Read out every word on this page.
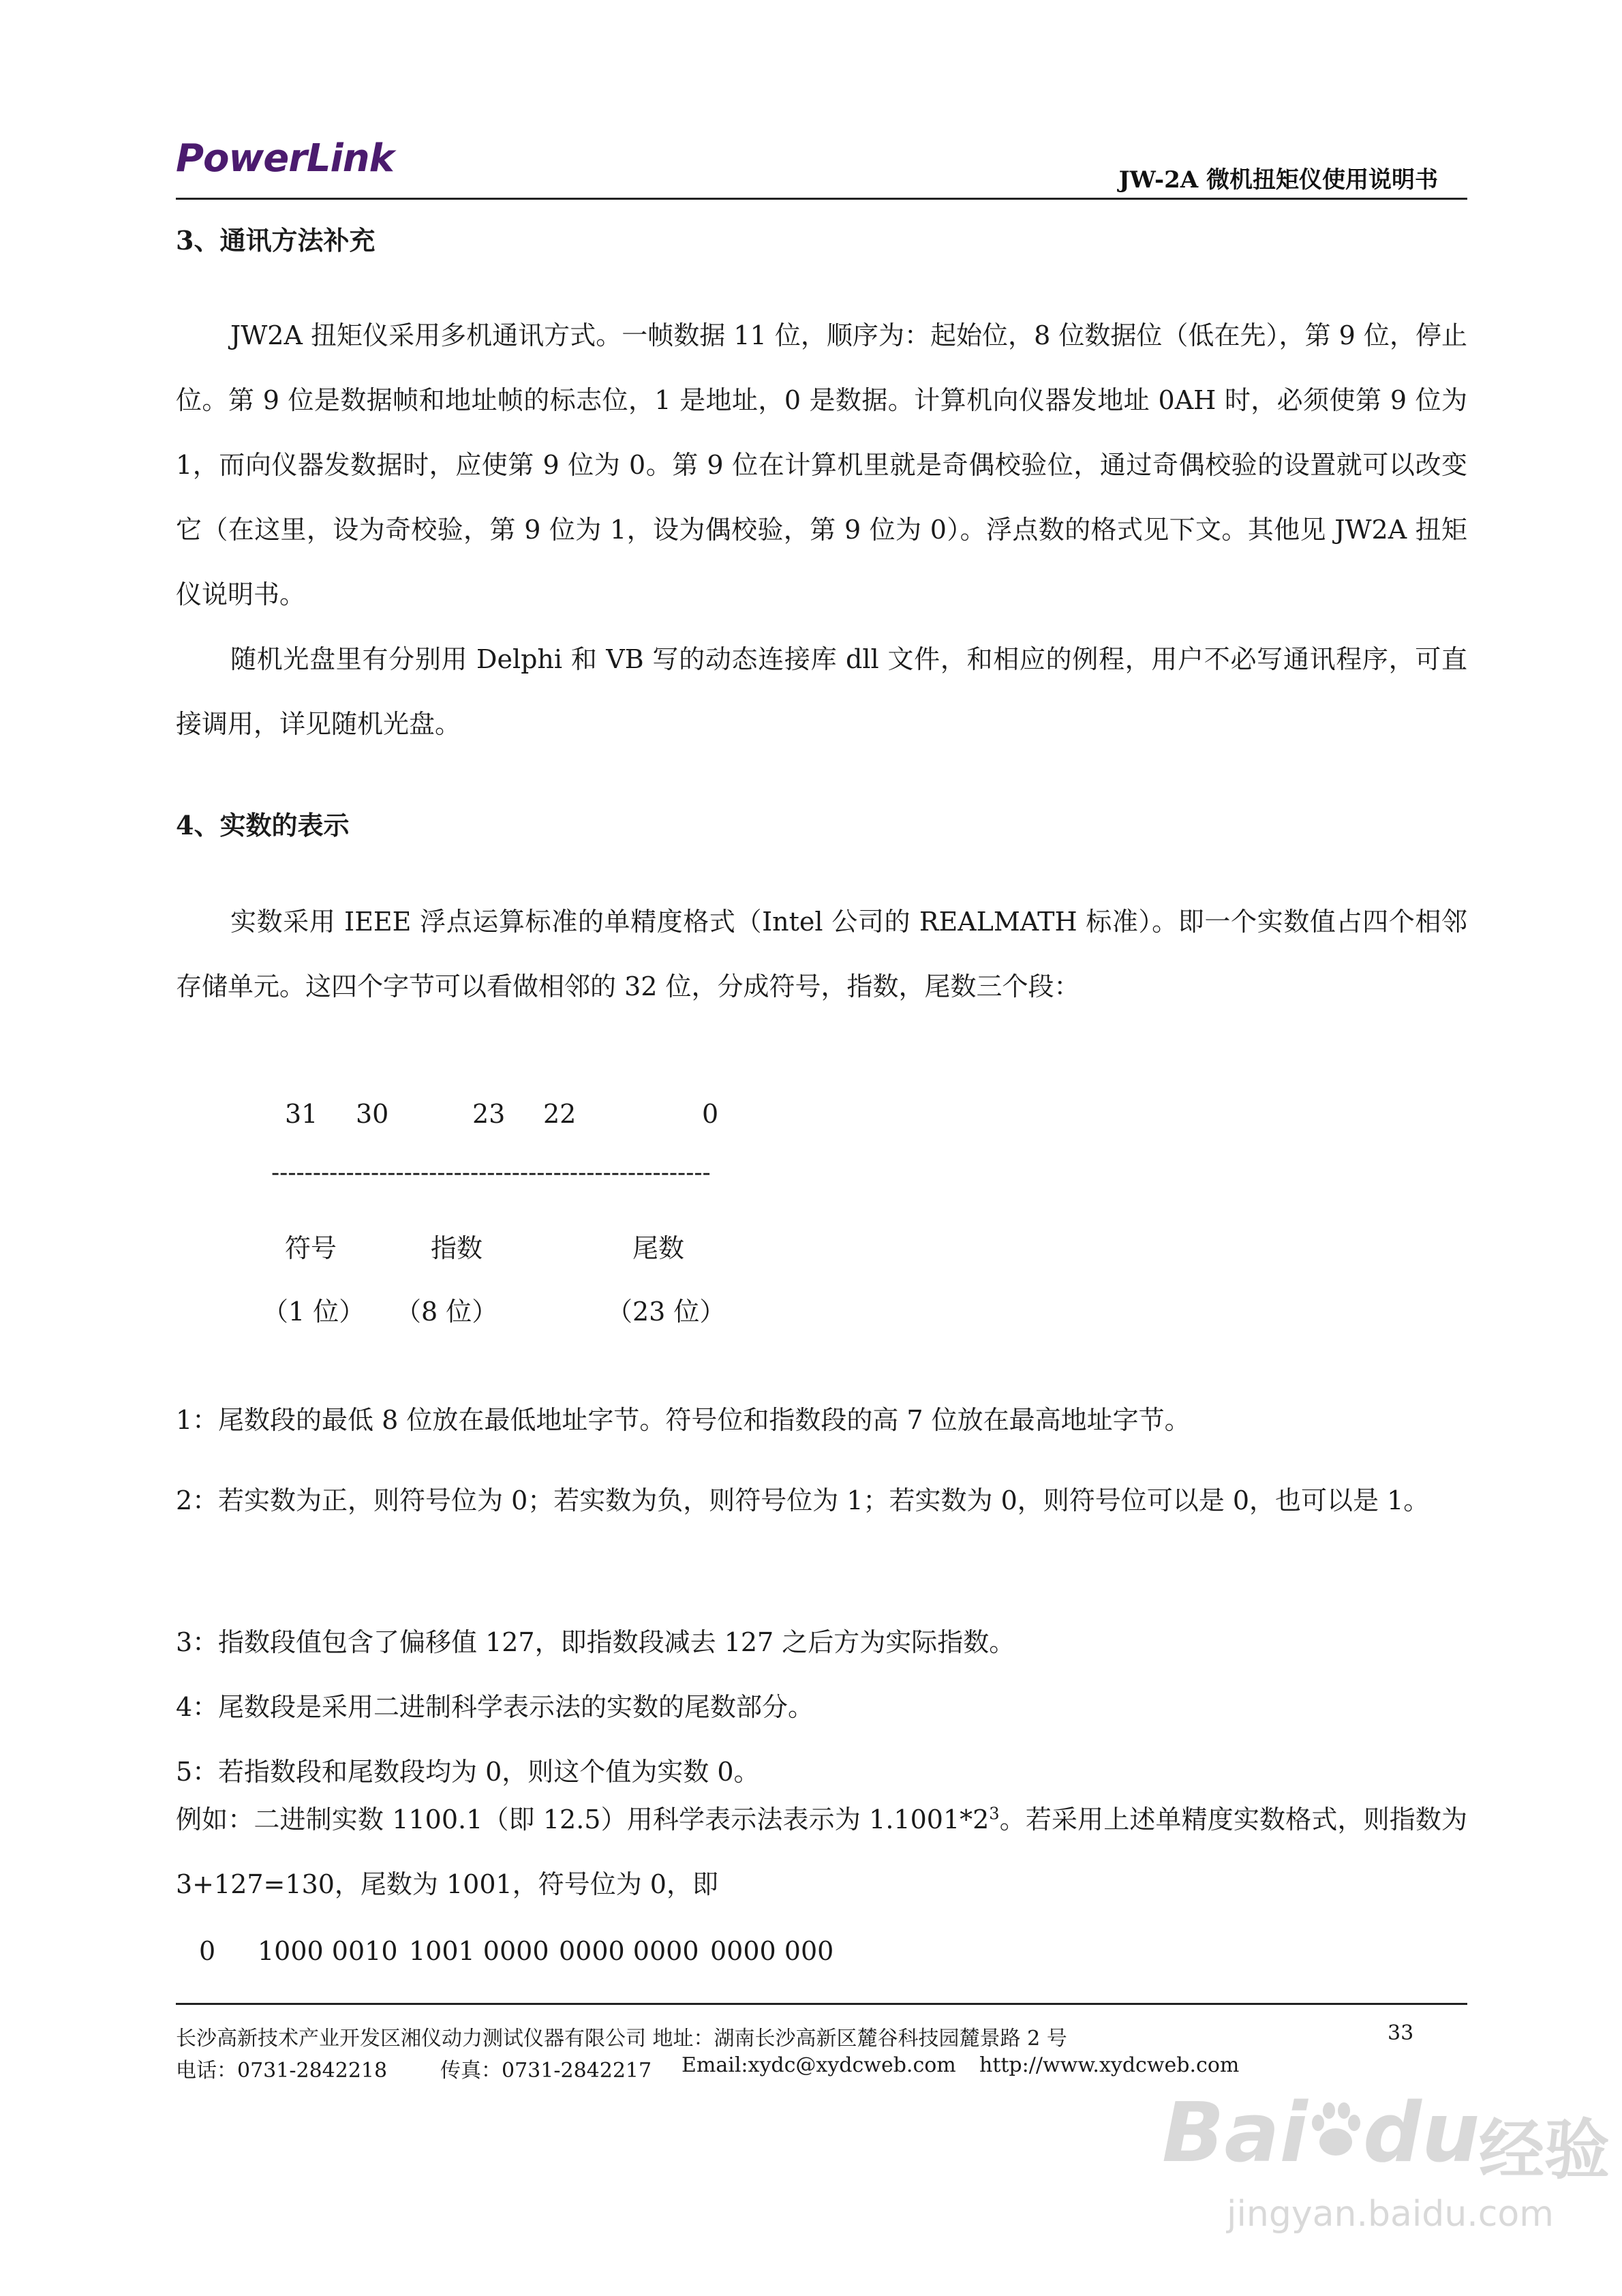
PowerLink	JW-2A 微机扭矩仪使用说明书
3、通讯方法补充

JW2A 扭矩仪采用多机通讯方式。一帧数据 11 位，顺序为：起始位，8 位数据位（低在先），第 9 位，停止位。第 9 位是数据帧和地址帧的标志位，1 是地址，0 是数据。计算机向仪器发地址 0AH 时，必须使第 9 位为 1，而向仪器发数据时，应使第 9 位为 0。第 9 位在计算机里就是奇偶校验位，通过奇偶校验的设置就可以改变它（在这里，设为奇校验，第 9 位为 1，设为偶校验，第 9 位为 0）。浮点数的格式见下文。其他见 JW2A 扭矩仪说明书。

随机光盘里有分别用 Delphi 和 VB 写的动态连接库 dll 文件，和相应的例程，用户不必写通讯程序，可直接调用，详见随机光盘。

4、实数的表示

实数采用 IEEE 浮点运算标准的单精度格式（Intel 公司的 REALMATH 标准）。即一个实数值占四个相邻存储单元。这四个字节可以看做相邻的 32 位，分成符号，指数，尾数三个段：

31 30	23 22	0
-----------------------------------------------------
符号	指数	尾数
（1 位） （8 位）	（23 位）
1： 尾数段的最低 8 位放在最低地址字节。符号位和指数段的高 7 位放在最高地址字节。
2： 若实数为正，则符号位为 0；若实数为负，则符号位为 1；若实数为 0，则符号位可以是 0，也可以是 1。
3： 指数段值包含了偏移值 127，即指数段减去 127 之后方为实际指数。
4： 尾数段是采用二进制科学表示法的实数的尾数部分。
5： 若指数段和尾数段均为 0，则这个值为实数 0。
例如：二进制实数 1100.1（即 12.5）用科学表示法表示为 $1.1001*2^3$。若采用上述单精度实数格式，则指数为 3+127=130，尾数为 1001，符号位为 0，即
0 1000 0010 1001 0000 0000 0000 0000 000
长沙高新技术产业开发区湘仪动力测试仪器有限公司 地址：湖南长沙高新区麓谷科技园麓景路 2 号	33
电话：0731-2842218	传真：0731-2842217 Email:xydc@xydcweb.com http://www.xydcweb.com
Bai du
经验
jingyan.baidu.com
